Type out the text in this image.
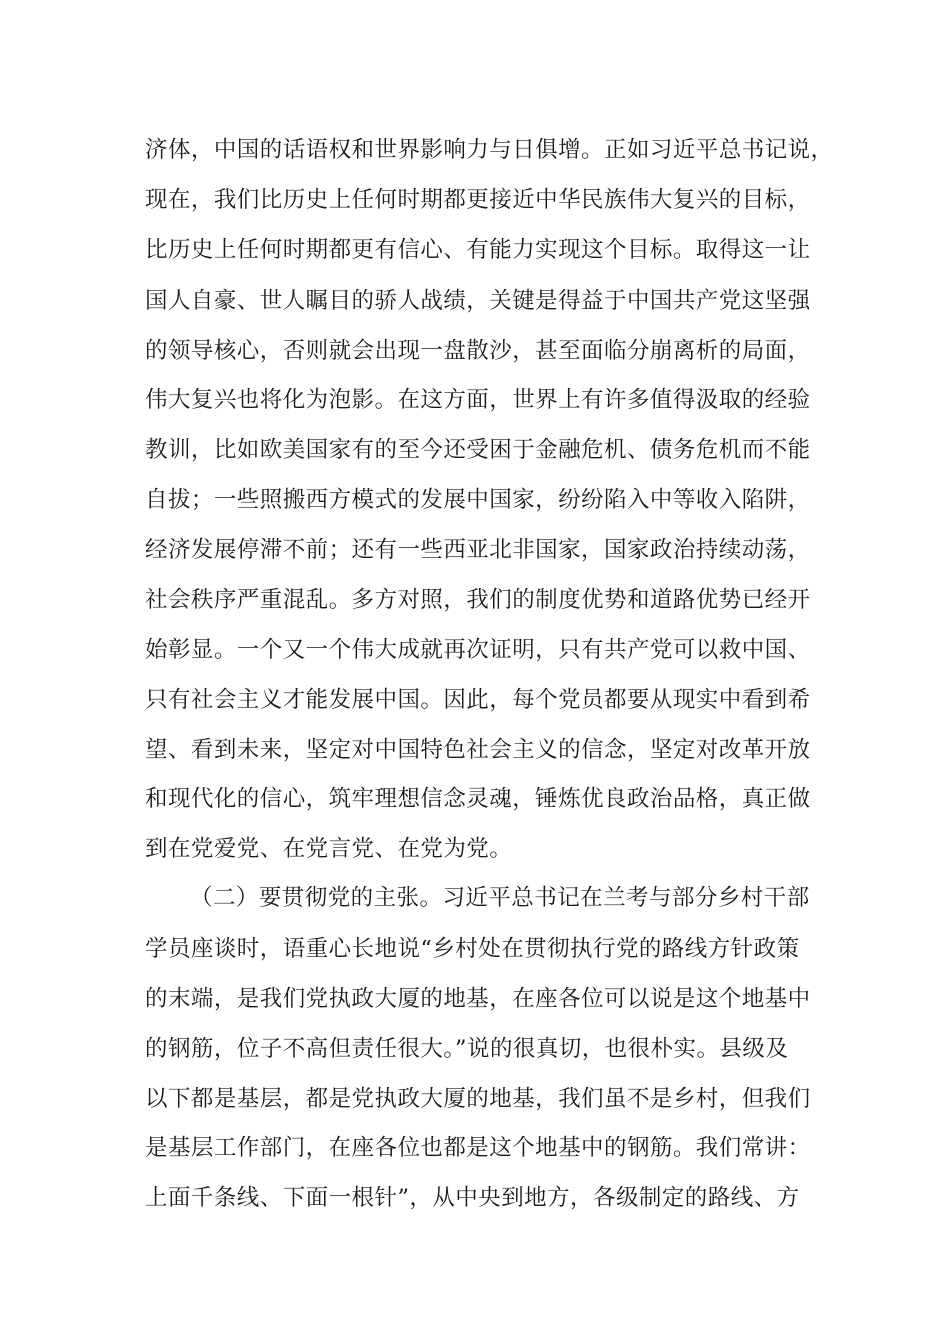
济体，中国的话语权和世界影响力与日俱增。正如习近平总书记说，
现在，我们比历史上任何时期都更接近中华民族伟大复兴的目标，
比历史上任何时期都更有信心、有能力实现这个目标。取得这一让
国人自豪、世人瞩目的骄人战绩，关键是得益于中国共产党这坚强
的领导核心，否则就会出现一盘散沙，甚至面临分崩离析的局面，
伟大复兴也将化为泡影。在这方面，世界上有许多值得汲取的经验
教训，比如欧美国家有的至今还受困于金融危机、债务危机而不能
自拔；一些照搬西方模式的发展中国家，纷纷陷入中等收入陷阱，
经济发展停滞不前；还有一些西亚北非国家，国家政治持续动荡，
社会秩序严重混乱。多方对照，我们的制度优势和道路优势已经开
始彰显。一个又一个伟大成就再次证明，只有共产党可以救中国、
只有社会主义才能发展中国。因此，每个党员都要从现实中看到希
望、看到未来，坚定对中国特色社会主义的信念，坚定对改革开放
和现代化的信心，筑牢理想信念灵魂，锤炼优良政治品格，真正做
到在党爱党、在党言党、在党为党。
（二）要贯彻党的主张。习近平总书记在兰考与部分乡村干部
学员座谈时，语重心长地说“乡村处在贯彻执行党的路线方针政策
的末端，是我们党执政大厦的地基，在座各位可以说是这个地基中
的钢筋，位子不高但责任很大。”说的很真切，也很朴实。县级及
以下都是基层，都是党执政大厦的地基，我们虽不是乡村，但我们
是基层工作部门，在座各位也都是这个地基中的钢筋。我们常讲：
上面千条线、下面一根针”，从中央到地方，各级制定的路线、方
